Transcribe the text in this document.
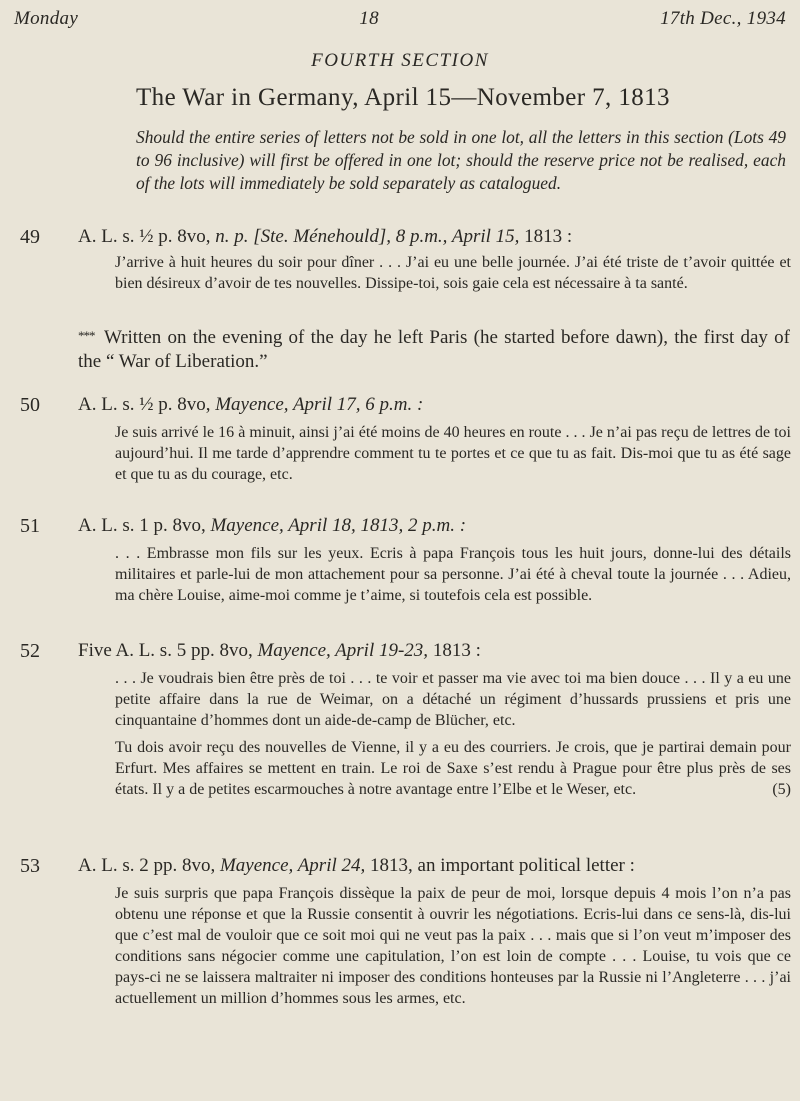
Monday	18	17th Dec., 1934
FOURTH SECTION
The War in Germany, April 15—November 7, 1813
Should the entire series of letters not be sold in one lot, all the letters in this section (Lots 49 to 96 inclusive) will first be offered in one lot; should the reserve price not be realised, each of the lots will immediately be sold separately as catalogued.
49 A. L. s. ½ p. 8vo, n. p. [Ste. Ménehould], 8 p.m., April 15, 1813 :

J’arrive à huit heures du soir pour dîner . . . J’ai eu une belle journée. J’ai été triste de t’avoir quittée et bien désireux d’avoir de tes nouvelles. Dissipe-toi, sois gaie cela est nécessaire à ta santé.

*** Written on the evening of the day he left Paris (he started before dawn), the first day of the “ War of Liberation.”
50 A. L. s. ½ p. 8vo, Mayence, April 17, 6 p.m. :

Je suis arrivé le 16 à minuit, ainsi j’ai été moins de 40 heures en route . . . Je n’ai pas reçu de lettres de toi aujourd’hui. Il me tarde d’apprendre comment tu te portes et ce que tu as fait. Dis-moi que tu as été sage et que tu as du courage, etc.

51 A. L. s. 1 p. 8vo, Mayence, April 18, 1813, 2 p.m. :

. . . Embrasse mon fils sur les yeux. Ecris à papa François tous les huit jours, donne-lui des détails militaires et parle-lui de mon attachement pour sa personne. J’ai été à cheval toute la journée . . . Adieu, ma chère Louise, aime-moi comme je t’aime, si toutefois cela est possible.

52 Five A. L. s. 5 pp. 8vo, Mayence, April 19-23, 1813 :

. . . Je voudrais bien être près de toi . . . te voir et passer ma vie avec toi ma bien douce . . . Il y a eu une petite affaire dans la rue de Weimar, on a détaché un régiment d’hussards prussiens et pris une cinquantaine d’hommes dont un aide-de-camp de Blücher, etc.

Tu dois avoir reçu des nouvelles de Vienne, il y a eu des courriers. Je crois, que je partirai demain pour Erfurt. Mes affaires se mettent en train. Le roi de Saxe s’est rendu à Prague pour être plus près de ses états. Il y a de petites escarmouches à notre avantage entre l’Elbe et le Weser, etc.	(5)

53 A. L. s. 2 pp. 8vo, Mayence, April 24, 1813, an important political letter :

Je suis surpris que papa François dissèque la paix de peur de moi, lorsque depuis 4 mois l’on n’a pas obtenu une réponse et que la Russie consentit à ouvrir les négotiations. Ecris-lui dans ce sens-là, dis-lui que c’est mal de vouloir que ce soit moi qui ne veut pas la paix . . . mais que si l’on veut m’imposer des conditions sans négocier comme une capitulation, l’on est loin de compte . . . Louise, tu vois que ce pays-ci ne se laissera maltraiter ni imposer des conditions honteuses par la Russie ni l’Angleterre . . . j’ai actuellement un million d’hommes sous les armes, etc.
